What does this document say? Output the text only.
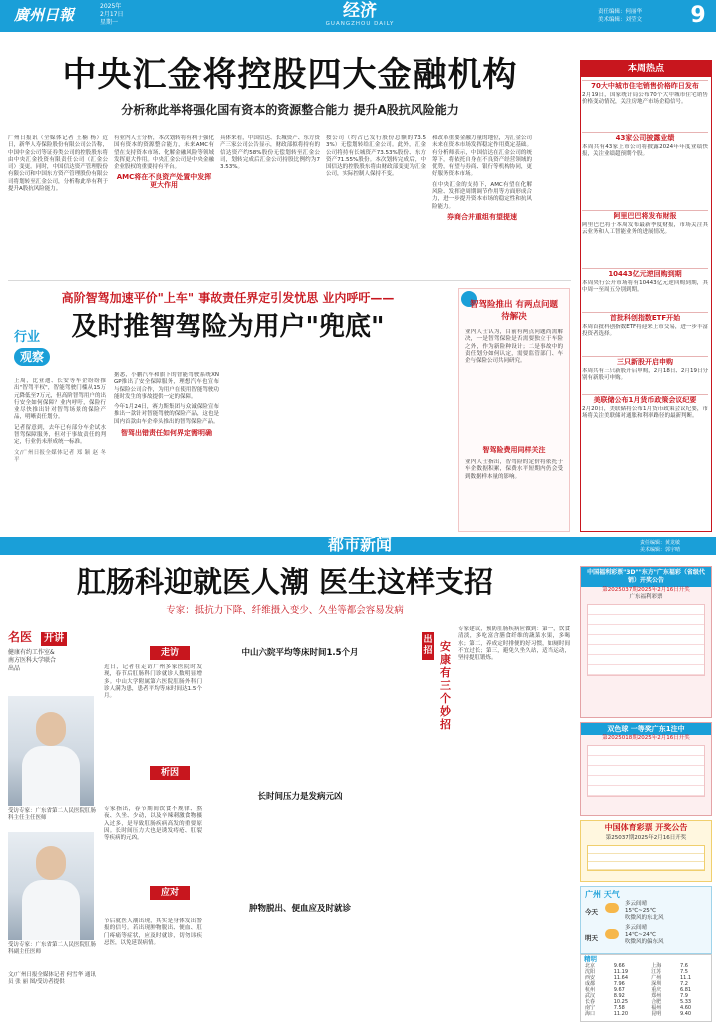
廣州日報	2025年
2月17日
星期一
经济
GUANGZHOU DAILY
责任编辑：何丽华
美术编辑：刘莹文	9
中央汇金将控股四大金融机构
分析称此举将强化国有资本的资源整合能力 提升A股抗风险能力

广州日报讯（全媒体记者 王楠 杨）近日，新华人寿保险股份有限公司公告称，中国中金公司等证券类公司的控股股东将由中央汇金投资有限责任公司（汇金公司）变更。同时，中国信达资产管理股份有限公司和中国东方资产管理股份有限公司将划转至汇金公司，分析称此举有利于提升A股抗风险能力。

有业内人士分析，本次划转将有利于强化国有资本的资源整合能力，未来AMC有望在支持资本市场、化解金融风险等领域发挥更大作用。中央汇金公司是中央金融企业股权的重要持有平台。

AMC将在不良资产处置中发挥更大作用

具体来看，中国信达、长城资产、东方资产三家公司公告显示，财政部拟将持有的信达资产约58%股份无偿划转至汇金公司，划转完成后汇金公司持股比例约为73.53%。

按公司（约占已发行股份总额的73.53%）无偿划转给汇金公司。此外，汇金公司将持有长城资产73.53%股份、东方资产71.55%股份。本次划转完成后，中国信达的控股股东将由财政部变更为汇金公司，实际控制人保持不变。

和改革重要金融力量的地位，为汇金公司未来在资本市场发挥稳定作用奠定基础。有分析师表示，中国信达在汇金公司的统筹下，将依托自身在不良资产经营领域的优势，有望与券商、银行等机构协同，更好服务资本市场。

在中央汇金的支持下，AMC有望在化解风险、发挥逆周期调节作用等方面形成合力，进一步提升资本市场的稳定性和抗风险能力。

券商合并重组有望提速

高阶智驾加速平价"上车" 事故责任界定引发忧思 业内呼吁——
及时推智驾险为用户"兜底"
行业
观察

上周，比亚迪、长安等车企纷纷推出"智驾平权"，智能驾驶门槛从15万元降低至7万元，但高阶智驾用户的出行安全如何保障？业内呼吁，保险行业尽快推出针对智驾场景的保险产品，明晰责任划分。

记者留意到，去年已有部分车企试水智驾保障服务，但对于事故责任的判定，行业仍未形成统一标准。

文/广州日报全媒体记者 郑 颖 赵 冬 平

据悉，小鹏汽车和旗下的智能驾驶系统XNGP推出了安全保障服务，理想汽车也宣布与保险公司合作，为用户在使用智能驾驶功能时发生的事故提供一定的保障。

今年1月24日，赛力斯集团与众诚保险宣布推出一款针对智能驾驶的保险产品，这也是国内首款由车企牵头推出的智驾保险产品。

智驾出错责任如何界定需明确

智驾险推出 有两点问题待解决
业内人士认为，目前有两点问题尚需解决，一是智驾保险是否需要独立于车险之外，作为新险种设计；二是事故中的责任划分如何认定，需要监管部门、车企与保险公司共同研究。
智驾险费用同样关注
业内人士指出，智驾险的定价将依托于车企数据积累，保费水平短期内仍会受到数据样本量的影响。
都市新闻	责任编辑：黄龙敏
美术编辑：郭宇晴
肛肠科迎就医人潮 医生这样支招
专家：抵抗力下降、纤维摄入变少、久坐等都会容易发病
名医 开讲
健康有约工作室&南方医科大学联合出品
受访专家：广东省第二人民医院肛肠科主任主任医师
受访专家：广东省第二人民医院肛肠科副主任医师
文/广州日报全媒体记者 何雪华 通讯员 张 丽 图/受访者提供
走访	中山六院平均等床时间1.5个月
近日，记者在走访广州多家医院时发现，春节后肛肠科门诊就诊人数明显增多。中山大学附属第六医院肛肠外科门诊人满为患，患者平均等床时间达1.5个月。
析因
长时间压力是发病元凶
专家指出，春节期间饮食不规律、熬夜、久坐、少动，以及辛辣刺激食物摄入过多，是导致肛肠疾病高发的重要原因。长时间压力大也是诱发痔疮、肛裂等疾病的元凶。
应对
肿物脱出、便血应及时就诊
节后就医人潮出现，其实是身体发出警报的信号。若出现肿物脱出、便血、肛门疼痛等症状，应及时就诊，切勿讳疾忌医，以免延误病情。
出招 安康有三个妙招
专家建议，预防肛肠疾病应做到：第一，饮食清淡，多吃富含膳食纤维的蔬菜水果，多喝水；第二，养成定时排便的好习惯，如厕时间不宜过长；第三，避免久坐久站，适当运动，坚持提肛锻炼。
本周热点
70大中城市住宅销售价格昨日发布
2月19日，国家统计局公布70个大中城市住宅销售价格变动情况，关注房地产市场企稳信号。
43家公司披露业绩
本周共有43家上市公司将披露2024年年度业绩快报，关注业绩超预期个股。
阿里巴巴将发布财报
阿里巴巴将于本周发布最新季度财报，市场关注其云业务和人工智能业务的进展情况。
10443亿元逆回购到期
本周央行公开市场将有10443亿元逆回购到期，其中周一至周五分别到期。
首批科创指数ETF开始
本周首批科创指数ETF将迎来上市交易，进一步丰富投资者选择。
三只新股开启申购
本周共有三只新股开启申购，2月18日、2月19日分别有新股可申购。
美联储公布1月货币政策会议纪要
2月20日，美联储将公布1月货币政策会议纪要，市场将关注美联储对通胀和利率路径的最新判断。
中国福利彩票"3D""东方"广东福彩（省级代销）开奖公告
第2025037期2025年2月16日开奖
广东福利彩票
双色球 一等奖广东1注中
第2025018期2025年2月16日开奖
中国体育彩票 开奖公告
第25037期2025年2月16日开奖
广州 天气
今天
多云间晴
15℃~25℃
吹微风的东北风
明天
多云间晴
14℃~24℃
吹微风的偏东风
精明
北京	9.66	上海	7.6
沈阳	11.19	江苏	7.5
西安	11.64	广州	11.1
成都	7.96	深圳	7.2
杭州	9.67	重庆	6.81
武汉	8.92	郑州	7.9
长春	10.25	合肥	5.33
南宁	7.58	福州	4.60
海口	11.20	昆明	9.40
